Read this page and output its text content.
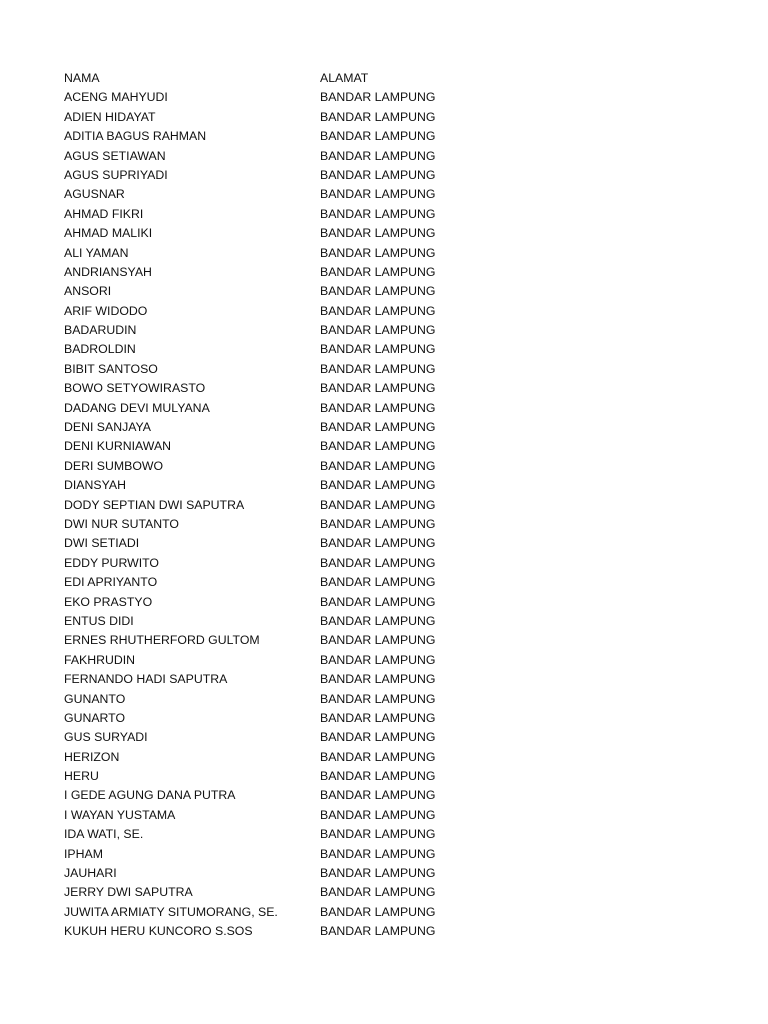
NAMA	ALAMAT
ACENG MAHYUDI	BANDAR LAMPUNG
ADIEN HIDAYAT	BANDAR LAMPUNG
ADITIA BAGUS RAHMAN	BANDAR LAMPUNG
AGUS SETIAWAN	BANDAR LAMPUNG
AGUS SUPRIYADI	BANDAR LAMPUNG
AGUSNAR	BANDAR LAMPUNG
AHMAD FIKRI	BANDAR LAMPUNG
AHMAD MALIKI	BANDAR LAMPUNG
ALI YAMAN	BANDAR LAMPUNG
ANDRIANSYAH	BANDAR LAMPUNG
ANSORI	BANDAR LAMPUNG
ARIF WIDODO	BANDAR LAMPUNG
BADARUDIN	BANDAR LAMPUNG
BADROLDIN	BANDAR LAMPUNG
BIBIT SANTOSO	BANDAR LAMPUNG
BOWO SETYOWIRASTO	BANDAR LAMPUNG
DADANG DEVI MULYANA	BANDAR LAMPUNG
DENI SANJAYA	BANDAR LAMPUNG
DENI KURNIAWAN	BANDAR LAMPUNG
DERI SUMBOWO	BANDAR LAMPUNG
DIANSYAH	BANDAR LAMPUNG
DODY SEPTIAN DWI SAPUTRA	BANDAR LAMPUNG
DWI NUR SUTANTO	BANDAR LAMPUNG
DWI SETIADI	BANDAR LAMPUNG
EDDY PURWITO	BANDAR LAMPUNG
EDI APRIYANTO	BANDAR LAMPUNG
EKO PRASTYO	BANDAR LAMPUNG
ENTUS DIDI	BANDAR LAMPUNG
ERNES RHUTHERFORD GULTOM	BANDAR LAMPUNG
FAKHRUDIN	BANDAR LAMPUNG
FERNANDO HADI SAPUTRA	BANDAR LAMPUNG
GUNANTO	BANDAR LAMPUNG
GUNARTO	BANDAR LAMPUNG
GUS SURYADI	BANDAR LAMPUNG
HERIZON	BANDAR LAMPUNG
HERU	BANDAR LAMPUNG
I GEDE AGUNG DANA PUTRA	BANDAR LAMPUNG
I WAYAN YUSTAMA	BANDAR LAMPUNG
IDA WATI, SE.	BANDAR LAMPUNG
IPHAM	BANDAR LAMPUNG
JAUHARI	BANDAR LAMPUNG
JERRY DWI SAPUTRA	BANDAR LAMPUNG
JUWITA ARMIATY SITUMORANG, SE.	BANDAR LAMPUNG
KUKUH HERU KUNCORO S.SOS	BANDAR LAMPUNG
